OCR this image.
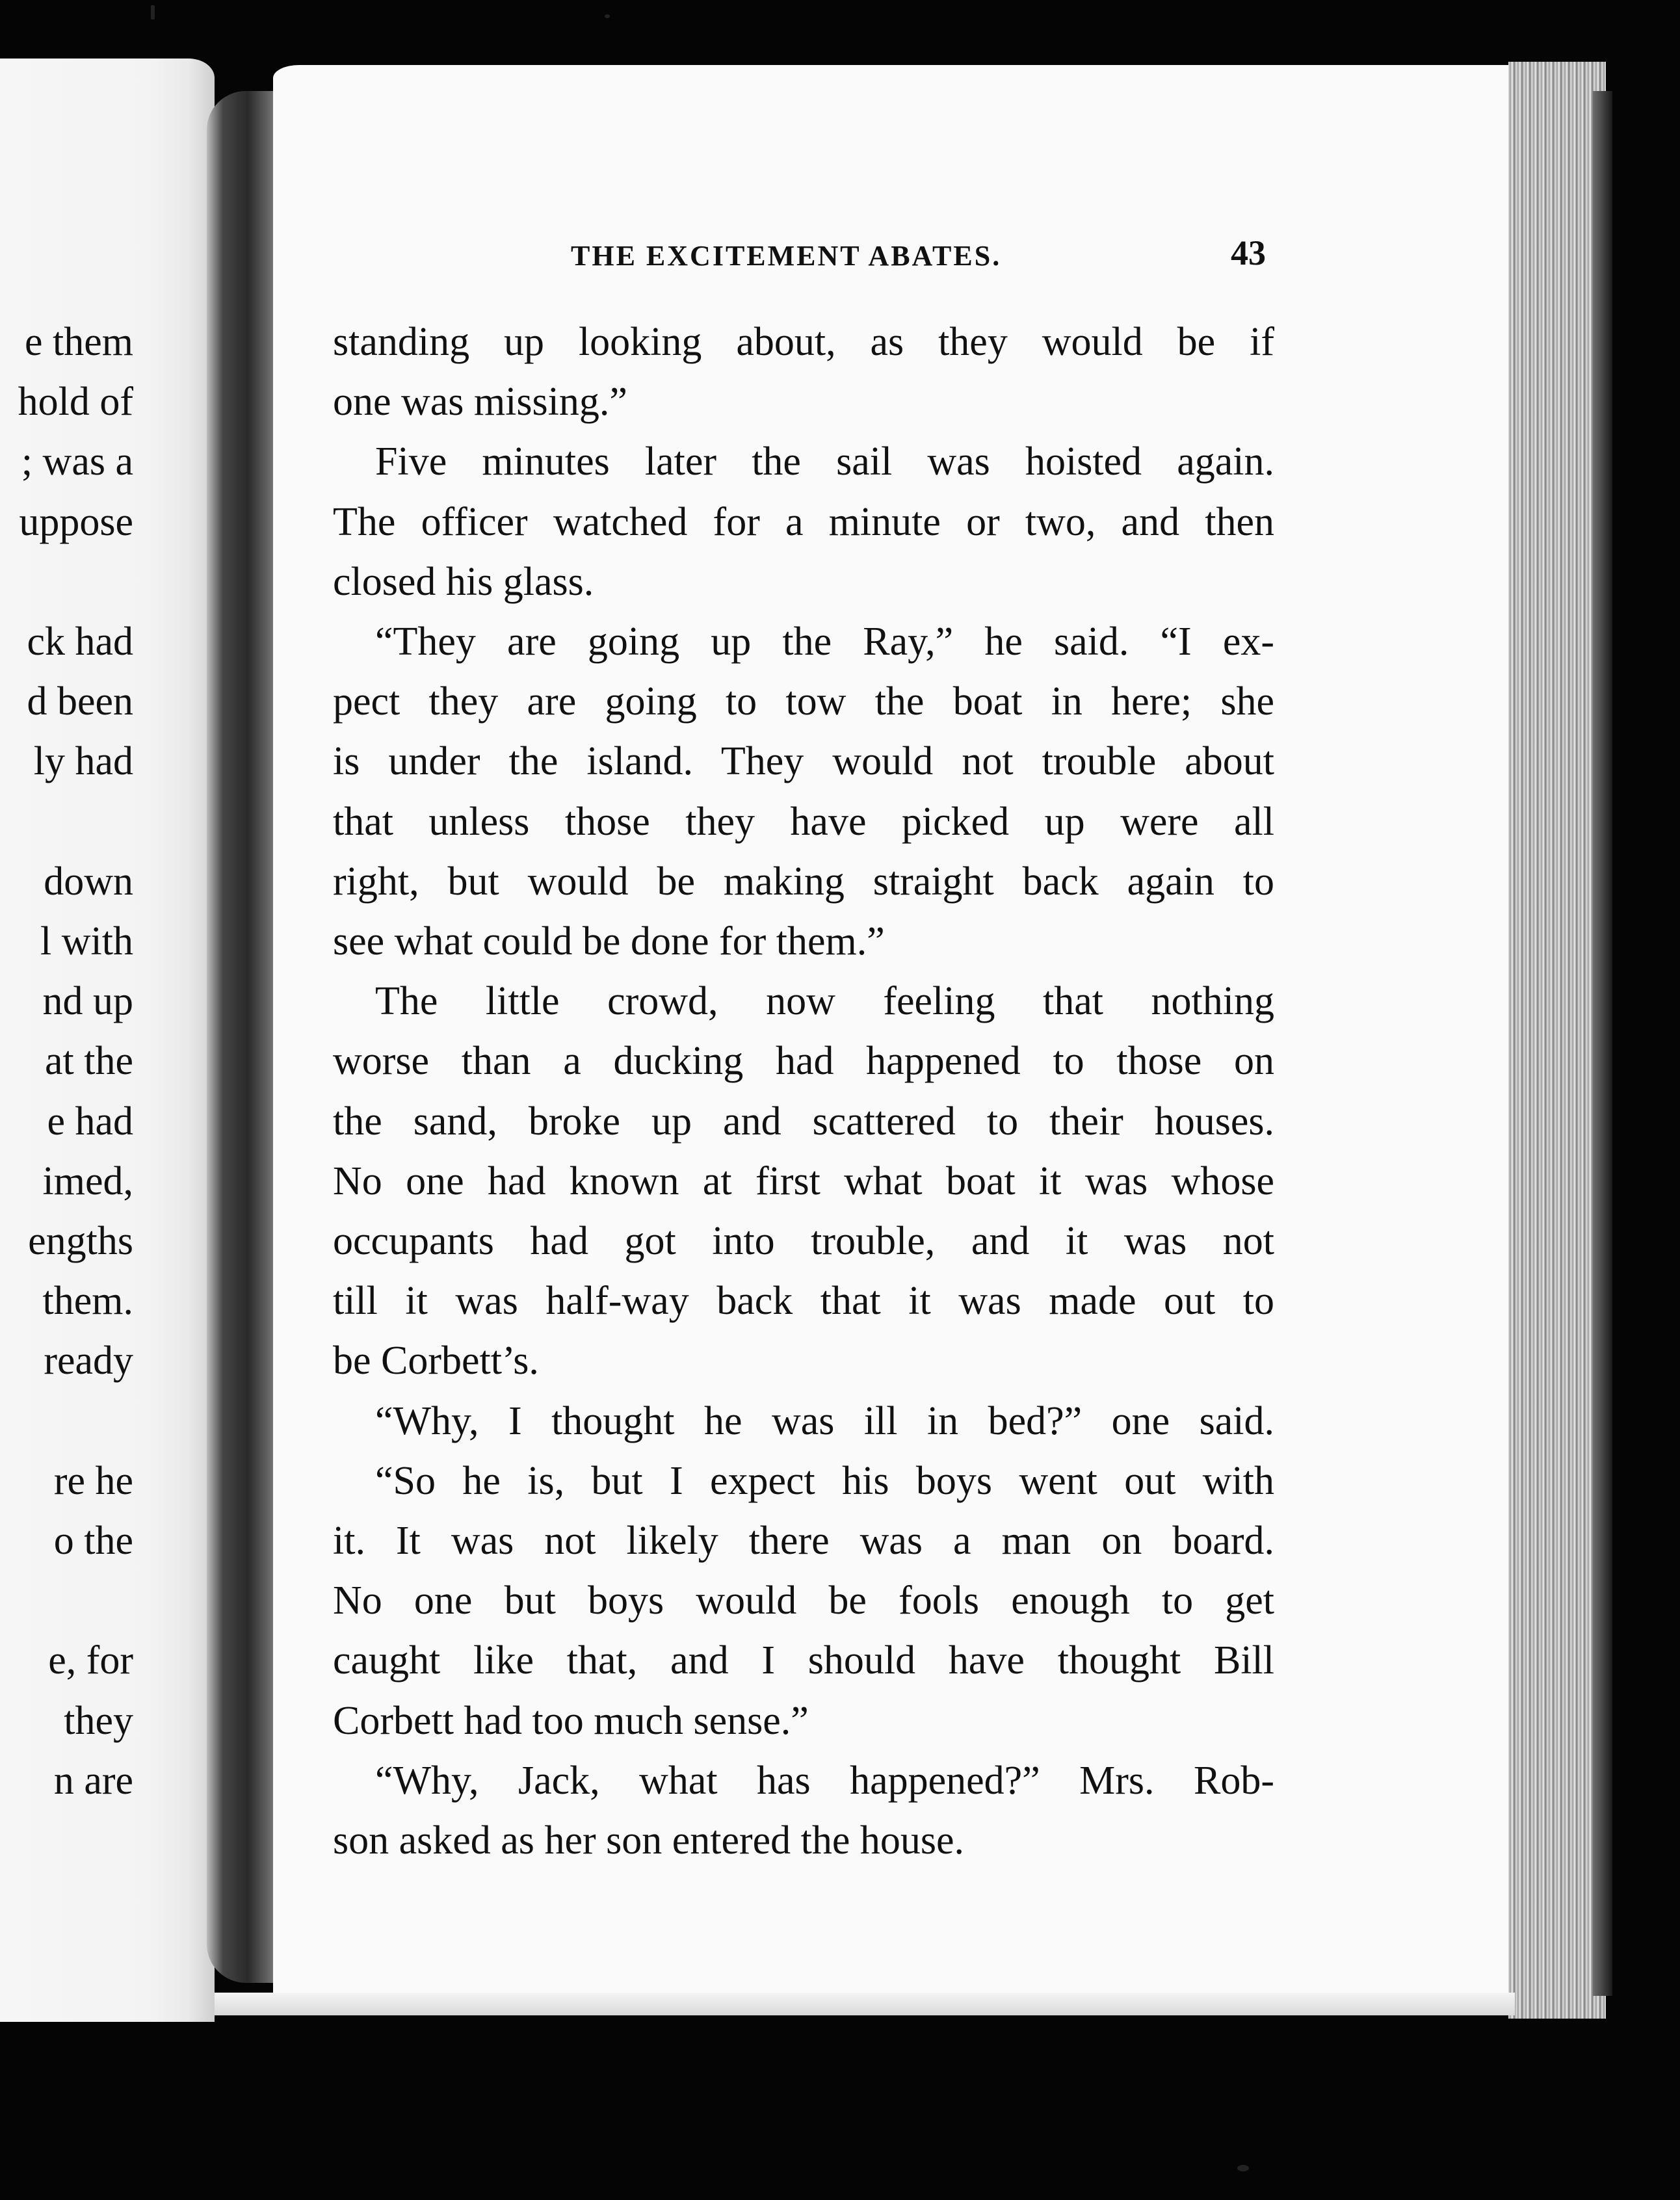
THE EXCITEMENT ABATES.	43
standing up looking about, as they would be if
one was missing.”
Five minutes later the sail was hoisted again.
The officer watched for a minute or two, and then
closed his glass.
“They are going up the Ray,” he said. “I ex-
pect they are going to tow the boat in here; she
is under the island. They would not trouble about
that unless those they have picked up were all
right, but would be making straight back again to
see what could be done for them.”
The little crowd, now feeling that nothing
worse than a ducking had happened to those on
the sand, broke up and scattered to their houses.
No one had known at first what boat it was whose
occupants had got into trouble, and it was not
till it was half-way back that it was made out to
be Corbett’s.
“Why, I thought he was ill in bed?” one said.
“So he is, but I expect his boys went out with
it. It was not likely there was a man on board.
No one but boys would be fools enough to get
caught like that, and I should have thought Bill
Corbett had too much sense.”
“Why, Jack, what has happened?” Mrs. Rob-
son asked as her son entered the house.
e them
hold of
; was a
uppose
ck had
d been
ly had
down
l with
nd up
at the
e had
imed,
engths
them.
ready
re he
o the
e, for
they
n are
